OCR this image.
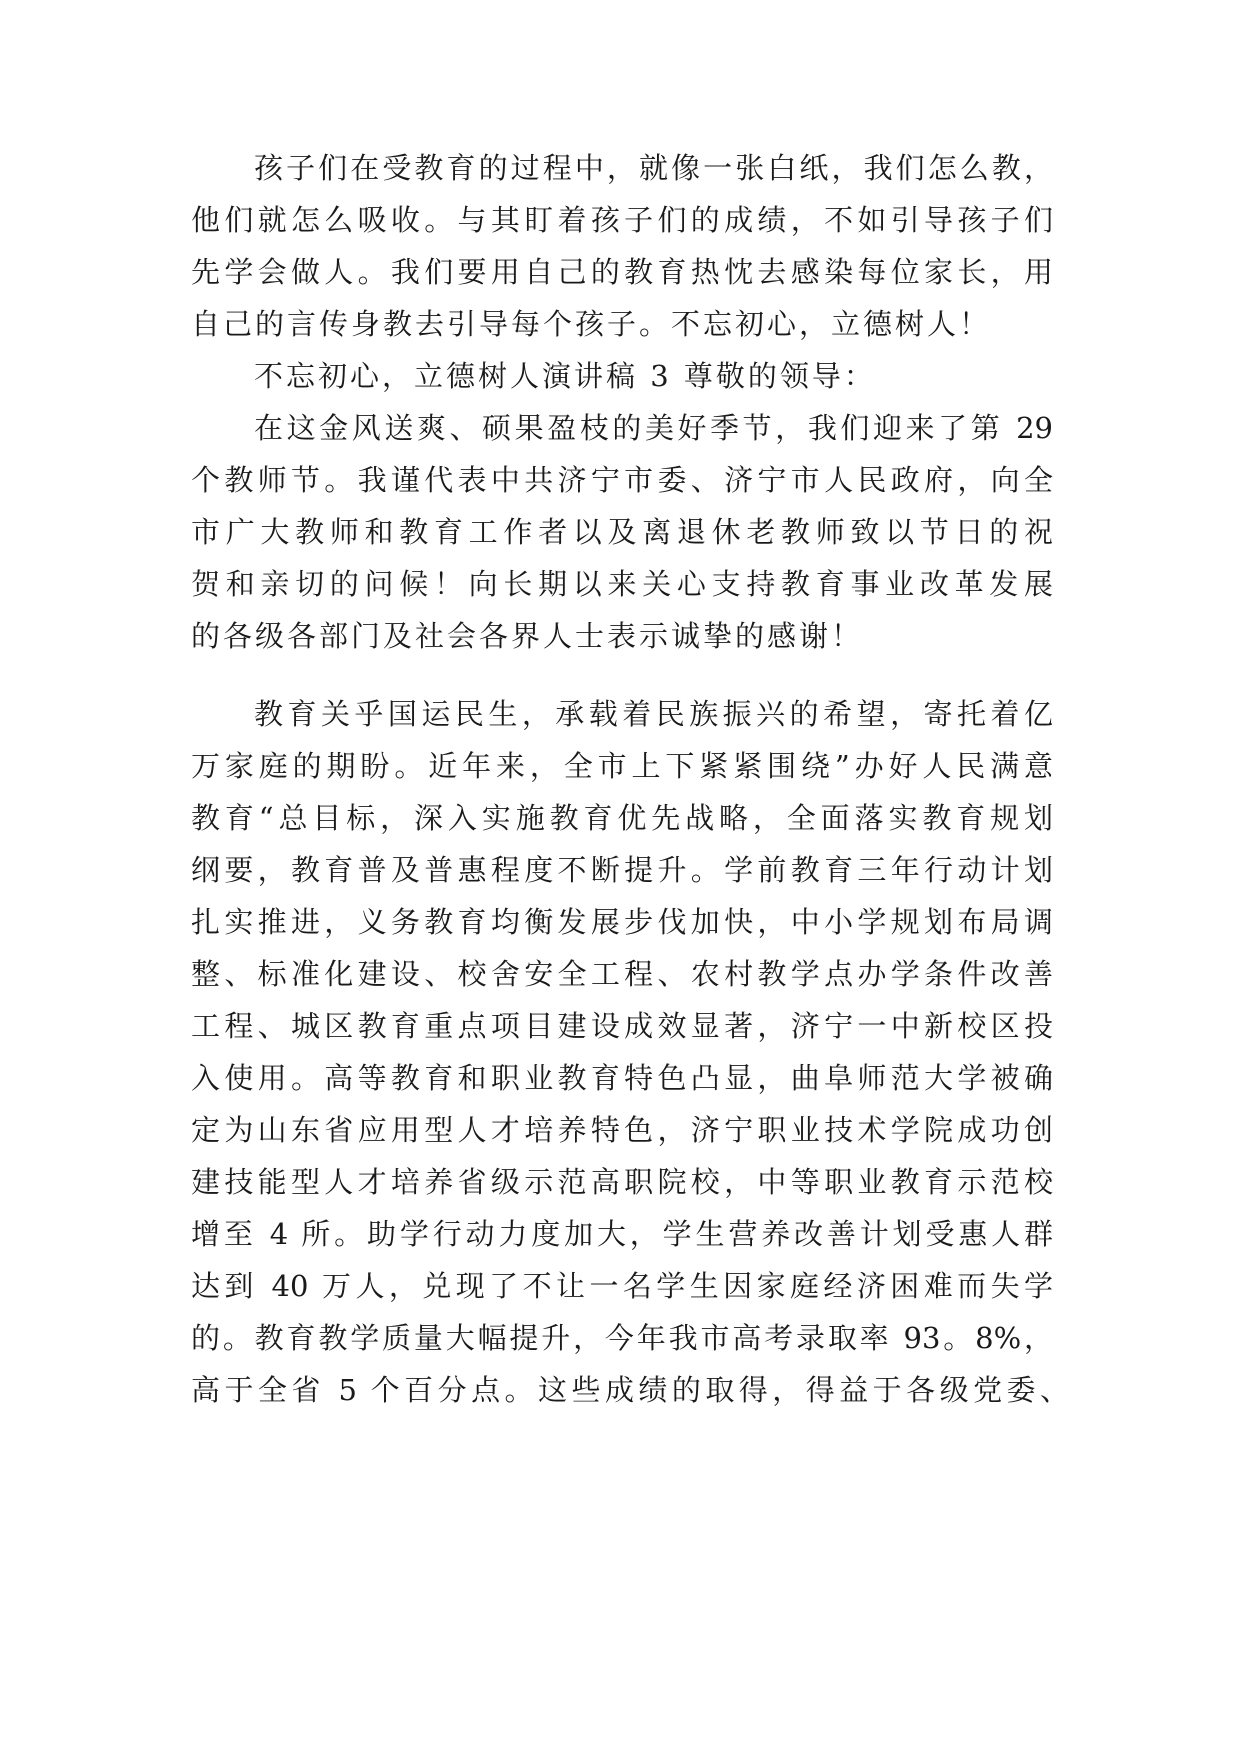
孩子们在受教育的过程中，就像一张白纸，我们怎么教，

他们就怎么吸收。与其盯着孩子们的成绩，不如引导孩子们

先学会做人。我们要用自己的教育热忱去感染每位家长，用

自己的言传身教去引导每个孩子。不忘初心，立德树人！

不忘初心，立德树人演讲稿 3 尊敬的领导：

在这金风送爽、硕果盈枝的美好季节，我们迎来了第 29

个教师节。我谨代表中共济宁市委、济宁市人民政府，向全

市广大教师和教育工作者以及离退休老教师致以节日的祝

贺和亲切的问候！向长期以来关心支持教育事业改革发展

的各级各部门及社会各界人士表示诚挚的感谢！

教育关乎国运民生，承载着民族振兴的希望，寄托着亿

万家庭的期盼。近年来，全市上下紧紧围绕”办好人民满意

教育“总目标，深入实施教育优先战略，全面落实教育规划

纲要，教育普及普惠程度不断提升。学前教育三年行动计划

扎实推进，义务教育均衡发展步伐加快，中小学规划布局调

整、标准化建设、校舍安全工程、农村教学点办学条件改善

工程、城区教育重点项目建设成效显著，济宁一中新校区投

入使用。高等教育和职业教育特色凸显，曲阜师范大学被确

定为山东省应用型人才培养特色，济宁职业技术学院成功创

建技能型人才培养省级示范高职院校，中等职业教育示范校

增至 4 所。助学行动力度加大，学生营养改善计划受惠人群

达到 40 万人，兑现了不让一名学生因家庭经济困难而失学

的。教育教学质量大幅提升，今年我市高考录取率 93。8%，

高于全省 5 个百分点。这些成绩的取得，得益于各级党委、
